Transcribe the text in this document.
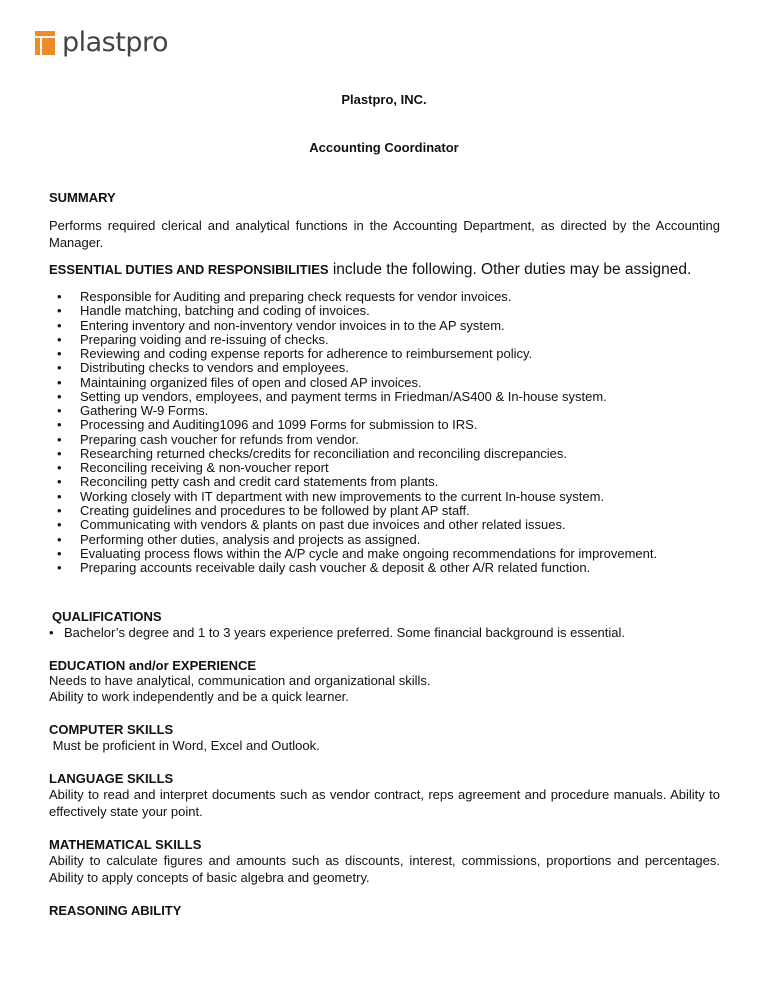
plastpro
Plastpro, INC.
Accounting Coordinator
SUMMARY

Performs required clerical and analytical functions in the Accounting Department, as directed by the Accounting Manager.

ESSENTIAL DUTIES AND RESPONSIBILITIES include the following. Other duties may be assigned.
• Responsible for Auditing and preparing check requests for vendor invoices.
• Handle matching, batching and coding of invoices.
• Entering inventory and non-inventory vendor invoices in to the AP system.
• Preparing voiding and re-issuing of checks.
• Reviewing and coding expense reports for adherence to reimbursement policy.
• Distributing checks to vendors and employees.
• Maintaining organized files of open and closed AP invoices.
• Setting up vendors, employees, and payment terms in Friedman/AS400 & In-house system.
• Gathering W-9 Forms.
• Processing and Auditing1096 and 1099 Forms for submission to IRS.
• Preparing cash voucher for refunds from vendor.
• Researching returned checks/credits for reconciliation and reconciling discrepancies.
• Reconciling receiving & non-voucher report
• Reconciling petty cash and credit card statements from plants.
• Working closely with IT department with new improvements to the current In-house system.
• Creating guidelines and procedures to be followed by plant AP staff.
• Communicating with vendors & plants on past due invoices and other related issues.
• Performing other duties, analysis and projects as assigned.
• Evaluating process flows within the A/P cycle and make ongoing recommendations for improvement.
• Preparing accounts receivable daily cash voucher & deposit & other A/R related function.
QUALIFICATIONS
• Bachelor’s degree and 1 to 3 years experience preferred. Some financial background is essential.
EDUCATION and/or EXPERIENCE

Needs to have analytical, communication and organizational skills.

Ability to work independently and be a quick learner.

COMPUTER SKILLS

Must be proficient in Word, Excel and Outlook.

LANGUAGE SKILLS

Ability to read and interpret documents such as vendor contract, reps agreement and procedure manuals. Ability to effectively state your point.

MATHEMATICAL SKILLS

Ability to calculate figures and amounts such as discounts, interest, commissions, proportions and percentages. Ability to apply concepts of basic algebra and geometry.

REASONING ABILITY
